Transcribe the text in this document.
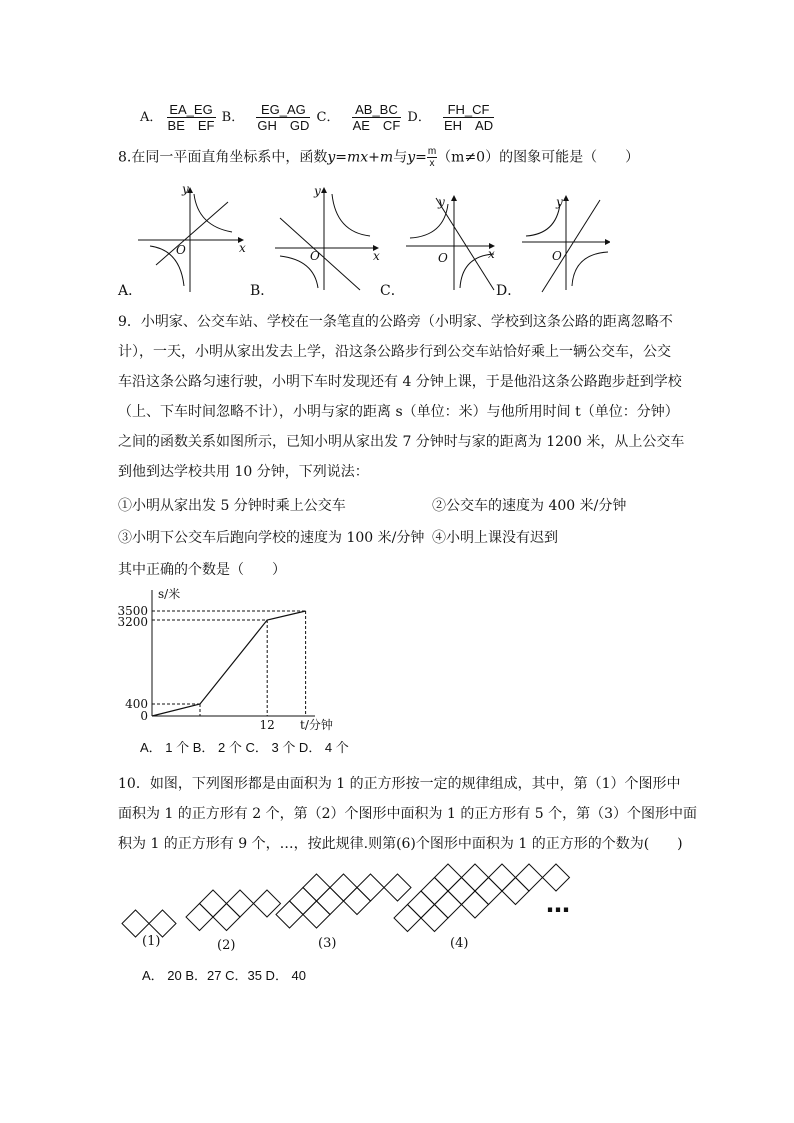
A． $\frac{EA\_EG}{\text{BE　EF}}$ B． $\frac{EG\_AG}{\text{GH　GD}}$ C． $\frac{AB\_BC}{\text{AE　CF}}$ D． $\frac{FH\_CF}{\text{EH　AD}}$
8.在同一平面直角坐标系中，函数y=mx+m与$y= \frac{m}{x} (m\ne 0)$的图象可能是（　　）
x
y
O	x
y
O	x
y
O
y
O
A．	B．	C．	D．
9．小明家、公交车站、学校在一条笔直的公路旁（小明家、学校到这条公路的距离忽略不
计），一天，小明从家出发去上学，沿这条公路步行到公交车站恰好乘上一辆公交车，公交
车沿这条公路匀速行驶，小明下车时发现还有 4 分钟上课，于是他沿这条公路跑步赶到学校
（上、下车时间忽略不计），小明与家的距离 s（单位：米）与他所用时间 t（单位：分钟）
之间的函数关系如图所示，已知小明从家出发 7 分钟时与家的距离为 1200 米，从上公交车
到他到达学校共用 10 分钟，下列说法：
①小明从家出发 5 分钟时乘上公交车	②公交车的速度为 400 米/分钟
③小明下公交车后跑向学校的速度为 100 米/分钟 ④小明上课没有迟到
其中正确的个数是（　　）
s/米
t/分钟
3500
3200
400
0
12
A． 1 个 B． 2 个 C． 3 个 D． 4 个
10．如图，下列图形都是由面积为 1 的正方形按一定的规律组成，其中，第（1）个图形中
面积为 1 的正方形有 2 个，第（2）个图形中面积为 1 的正方形有 5 个，第（3）个图形中面
积为 1 的正方形有 9 个，…，按此规律.则第(6)个图形中面积为 1 的正方形的个数为(　　)
(1)	(2)	(3)	(4)
…
A． 20 B．27 C．35 D． 40
